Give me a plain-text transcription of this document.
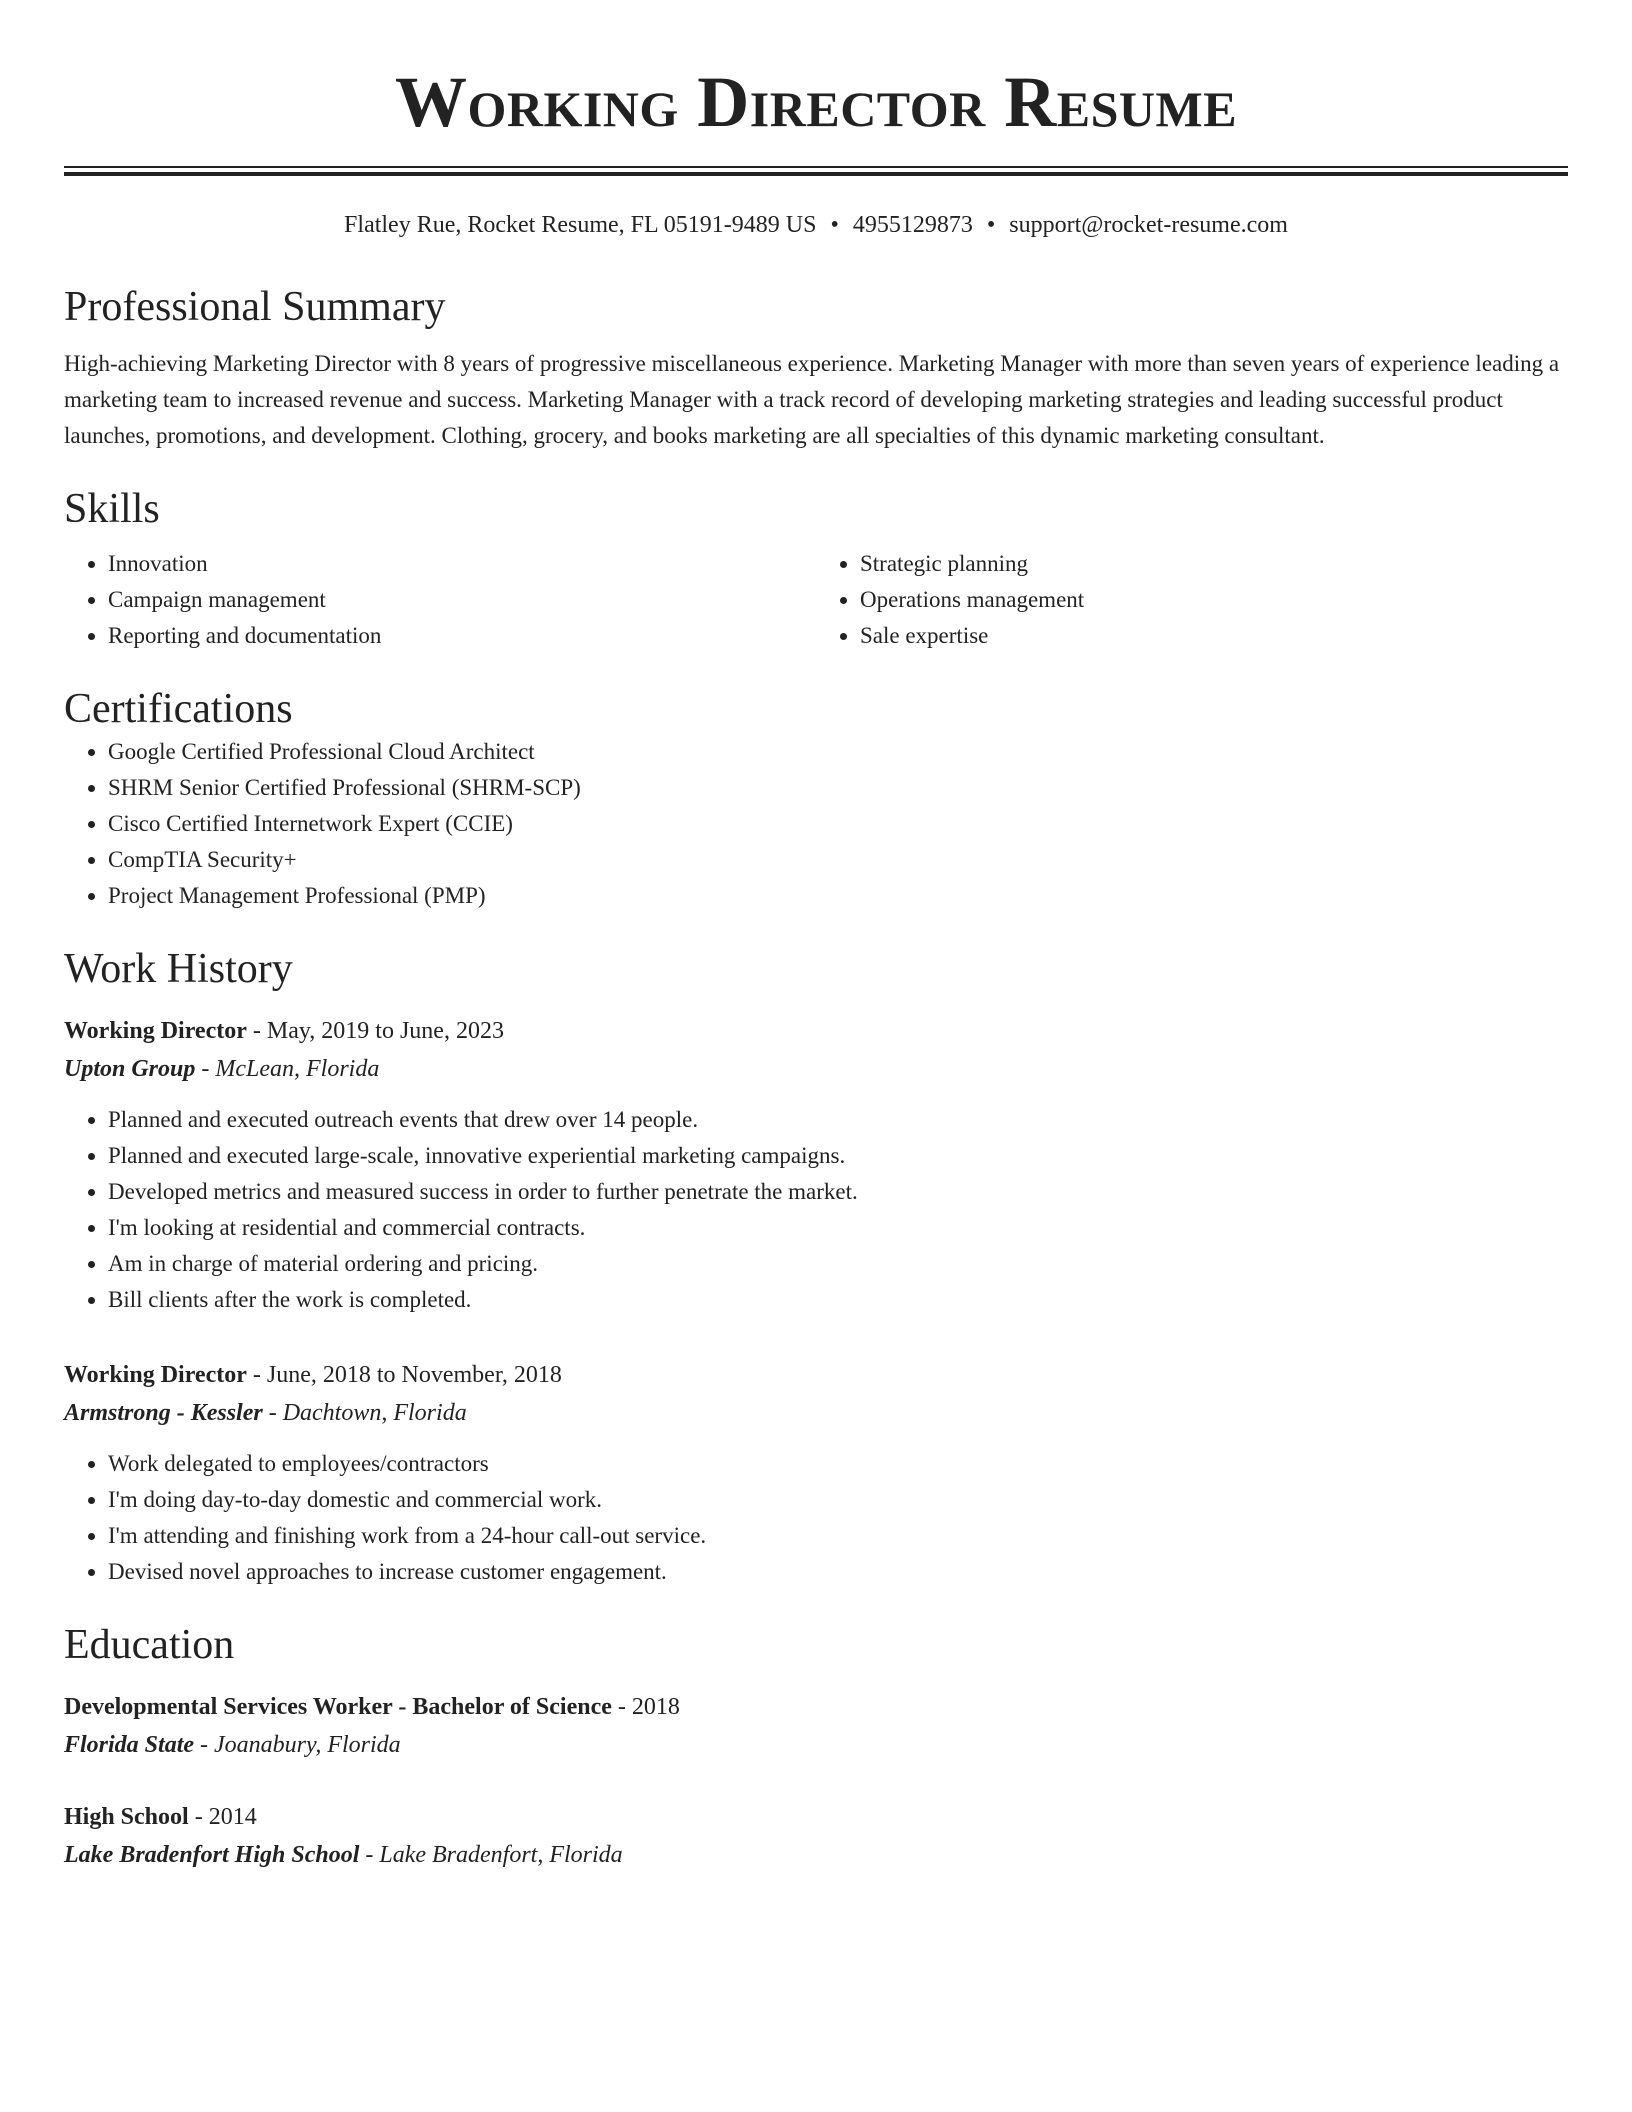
Working Director Resume
Flatley Rue, Rocket Resume, FL 05191-9489 US • 4955129873 • support@rocket-resume.com
Professional Summary

High-achieving Marketing Director with 8 years of progressive miscellaneous experience. Marketing Manager with more than seven years of experience leading a marketing team to increased revenue and success. Marketing Manager with a track record of developing marketing strategies and leading successful product launches, promotions, and development. Clothing, grocery, and books marketing are all specialties of this dynamic marketing consultant.

Skills
• Innovation
• Campaign management
• Reporting and documentation
• Strategic planning
• Operations management
• Sale expertise
Certifications
• Google Certified Professional Cloud Architect
• SHRM Senior Certified Professional (SHRM-SCP)
• Cisco Certified Internetwork Expert (CCIE)
• CompTIA Security+
• Project Management Professional (PMP)
Work History
Working Director - May, 2019 to June, 2023
Upton Group - McLean, Florida
• Planned and executed outreach events that drew over 14 people.
• Planned and executed large-scale, innovative experiential marketing campaigns.
• Developed metrics and measured success in order to further penetrate the market.
• I'm looking at residential and commercial contracts.
• Am in charge of material ordering and pricing.
• Bill clients after the work is completed.
Working Director - June, 2018 to November, 2018
Armstrong - Kessler - Dachtown, Florida
• Work delegated to employees/contractors
• I'm doing day-to-day domestic and commercial work.
• I'm attending and finishing work from a 24-hour call-out service.
• Devised novel approaches to increase customer engagement.
Education
Developmental Services Worker - Bachelor of Science - 2018
Florida State - Joanabury, Florida
High School - 2014
Lake Bradenfort High School - Lake Bradenfort, Florida
